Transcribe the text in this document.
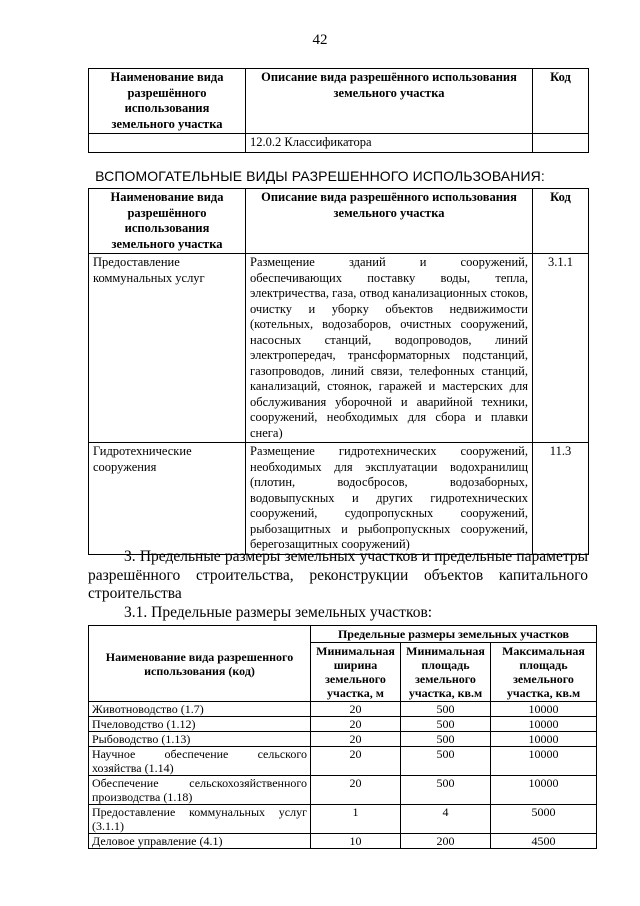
42
Наименование вида разрешённого использования земельного участка	Описание вида разрешённого использования земельного участка	Код
	12.0.2 Классификатора	
ВСПОМОГАТЕЛЬНЫЕ ВИДЫ РАЗРЕШЕННОГО ИСПОЛЬЗОВАНИЯ:
Наименование вида разрешённого использования земельного участка	Описание вида разрешённого использования земельного участка	Код
Предоставление коммунальных услуг	Размещение зданий и сооружений, обеспечивающих поставку воды, тепла, электричества, газа, отвод канализационных стоков, очистку и уборку объектов недвижимости (котельных, водозаборов, очистных сооружений, насосных станций, водопроводов, линий электропередач, трансформаторных подстанций, газопроводов, линий связи, телефонных станций, канализаций, стоянок, гаражей и мастерских для обслуживания уборочной и аварийной техники, сооружений, необходимых для сбора и плавки снега)	3.1.1
Гидротехнические сооружения	Размещение гидротехнических сооружений, необходимых для эксплуатации водохранилищ (плотин, водосбросов, водозаборных, водовыпускных и других гидротехнических сооружений, судопропускных сооружений, рыбозащитных и рыбопропускных сооружений, берегозащитных сооружений)	11.3
3. Предельные размеры земельных участков и предельные параметры разрешённого строительства, реконструкции объектов капитального строительства
3.1. Предельные размеры земельных участков:
Наименование вида разрешенного использования (код)	Предельные размеры земельных участков		
	Минимальная ширина земельного участка, м	Минимальная площадь земельного участка, кв.м	Максимальная площадь земельного участка, кв.м
Животноводство (1.7)	20	500	10000
Пчеловодство (1.12)	20	500	10000
Рыбоводство (1.13)	20	500	10000
Научное обеспечение сельского хозяйства (1.14)	20	500	10000
Обеспечение сельскохозяйственного производства (1.18)	20	500	10000
Предоставление коммунальных услуг (3.1.1)	1	4	5000
Деловое управление (4.1)	10	200	4500
